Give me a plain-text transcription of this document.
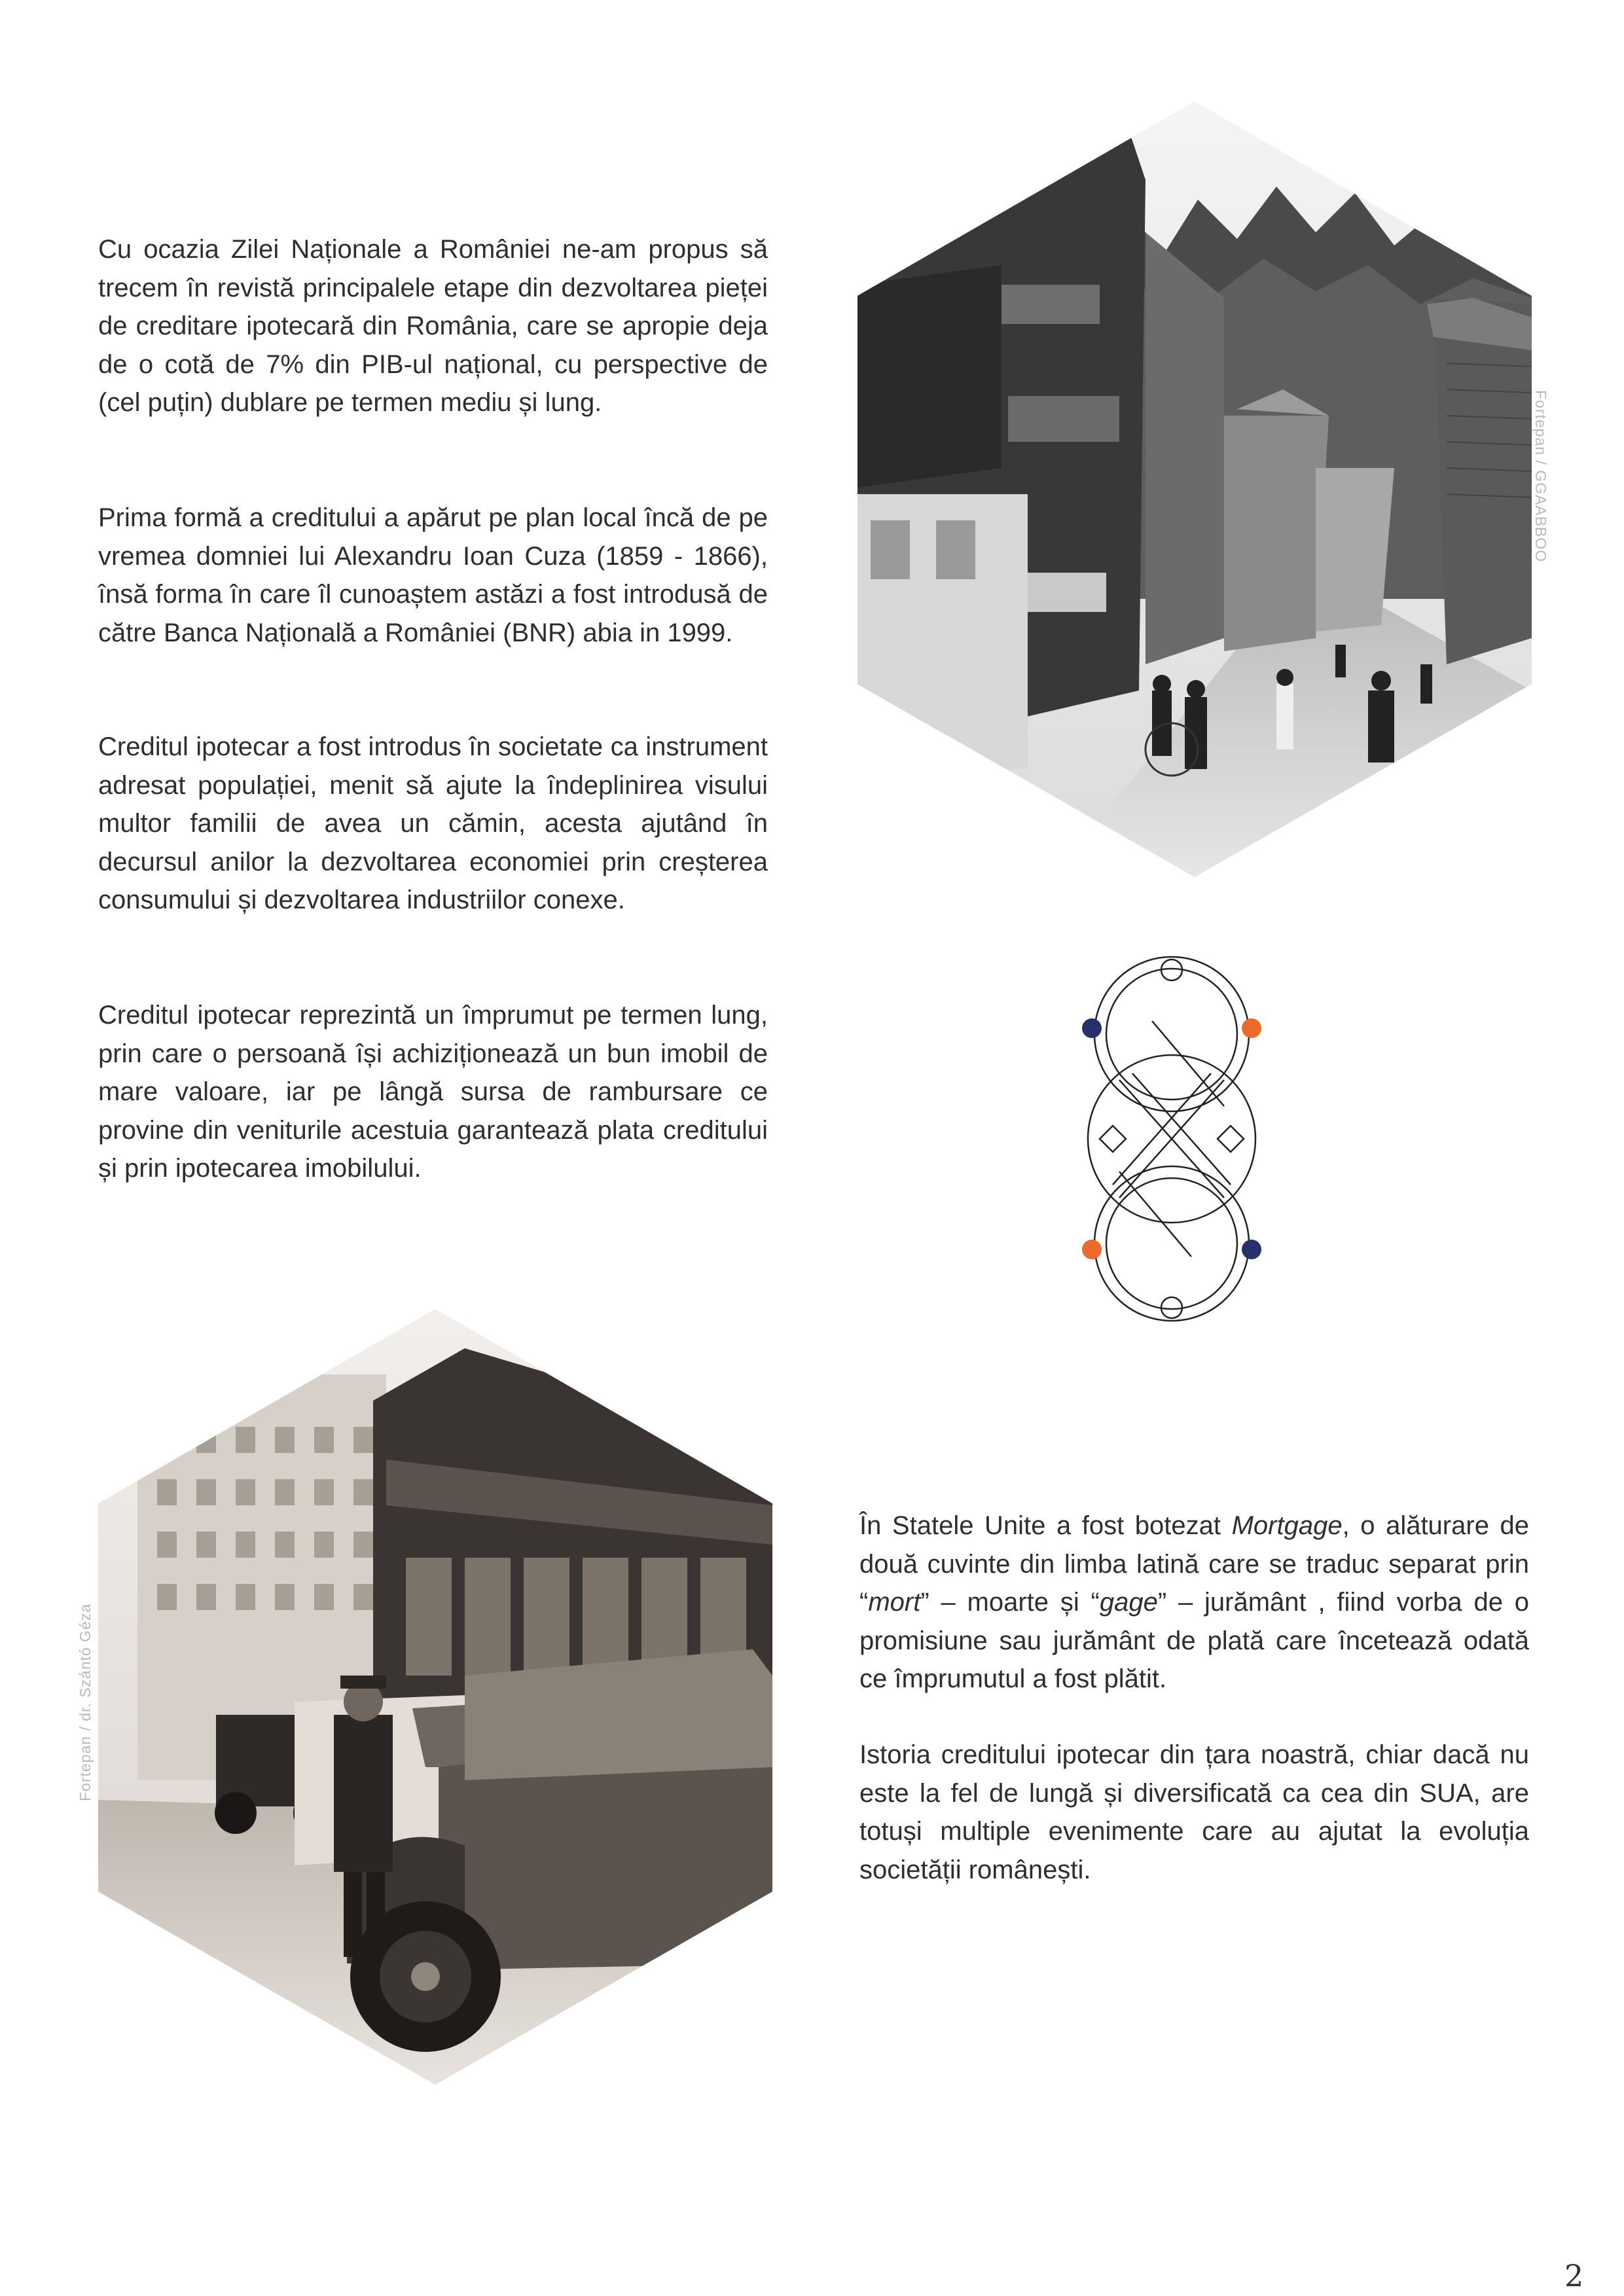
Cu ocazia Zilei Naționale a României ne-am propus să trecem în revistă principalele etape din dezvoltarea pieței de creditare ipotecară din România, care se apropie deja de o cotă de 7% din PIB-ul național, cu perspective de (cel puțin) dublare pe termen mediu și lung.

Prima formă a creditului a apărut pe plan local încă de pe vremea domniei lui Alexandru Ioan Cuza (1859 - 1866), însă forma în care îl cunoaștem astăzi a fost introdusă de către Banca Națională a României (BNR) abia in 1999.

Creditul ipotecar a fost introdus în societate ca instrument adresat populației, menit să ajute la îndeplinirea visului multor familii de avea un cămin, acesta ajutând în decursul anilor la dezvoltarea economiei prin creșterea consumului și dezvoltarea industriilor conexe.

Creditul ipotecar reprezintă un împrumut pe termen lung, prin care o persoană își achiziționează un bun imobil de mare valoare, iar pe lângă sursa de rambursare ce provine din veniturile acestuia garantează plata creditului și prin ipotecarea imobilului.

În Statele Unite a fost botezat Mortgage, o alăturare de două cuvinte din limba latină care se traduc separat prin “mort” – moarte și “gage” – jurământ , fiind vorba de o promisiune sau jurământ de plată care încetează odată ce împrumutul a fost plătit.

Istoria creditului ipotecar din țara noastră, chiar dacă nu este la fel de lungă și diversificată ca cea din SUA, are totuși multiple evenimente care au ajutat la evoluția societății românești.

Fortepan / GGAABBOO
Fortepan / dr. Szántó Géza
2
